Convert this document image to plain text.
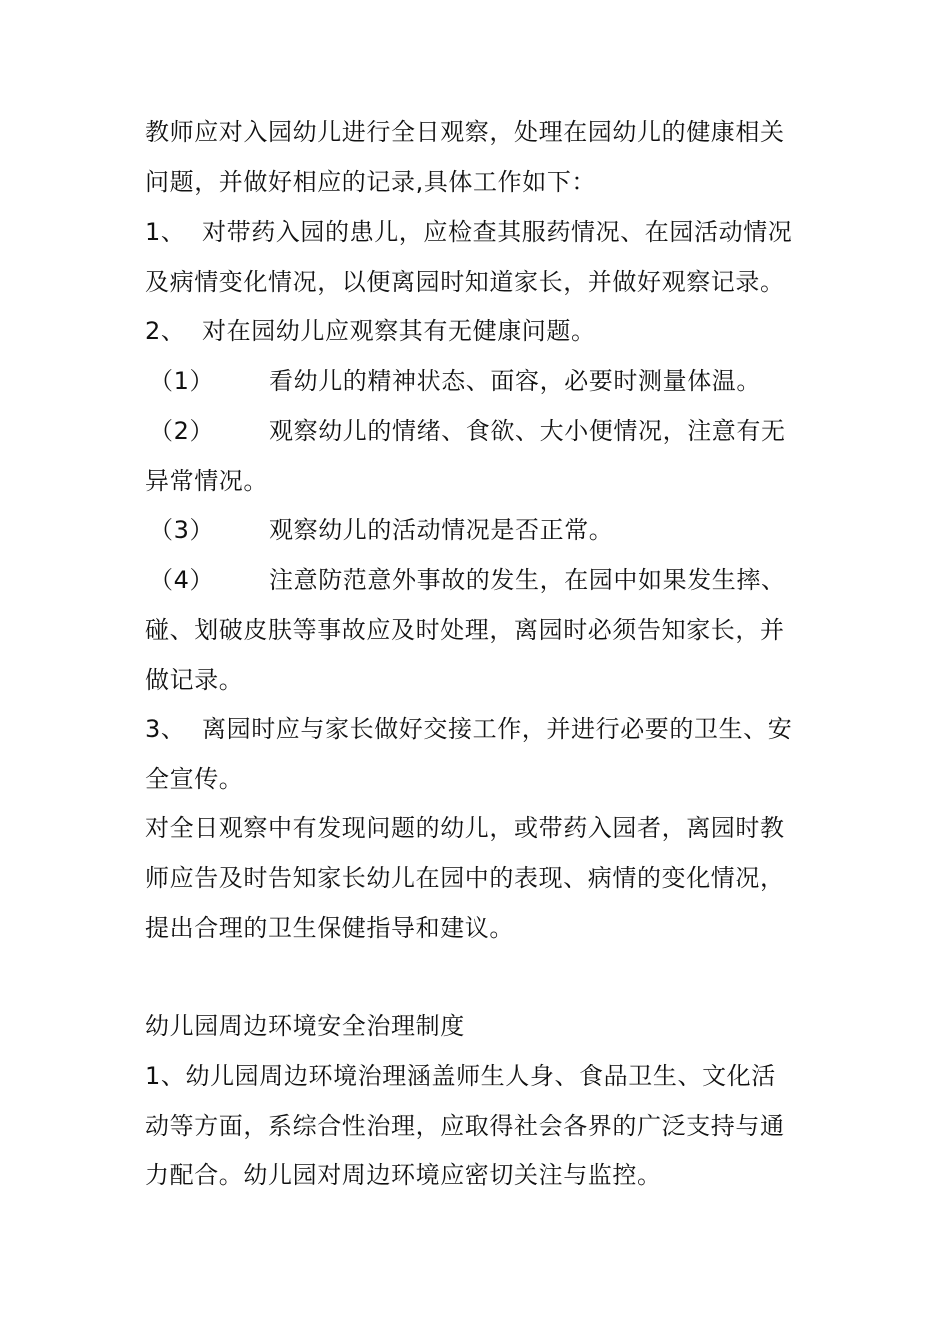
教师应对入园幼儿进行全日观察，处理在园幼儿的健康相关
问题，并做好相应的记录,具体工作如下：
1、 对带药入园的患儿，应检查其服药情况、在园活动情况
及病情变化情况，以便离园时知道家长，并做好观察记录。
2、 对在园幼儿应观察其有无健康问题。
（1） 看幼儿的精神状态、面容，必要时测量体温。
（2） 观察幼儿的情绪、食欲、大小便情况，注意有无
异常情况。
（3） 观察幼儿的活动情况是否正常。
（4） 注意防范意外事故的发生，在园中如果发生摔、
碰、划破皮肤等事故应及时处理，离园时必须告知家长，并
做记录。
3、 离园时应与家长做好交接工作，并进行必要的卫生、安
全宣传。
对全日观察中有发现问题的幼儿，或带药入园者，离园时教
师应告及时告知家长幼儿在园中的表现、病情的变化情况，
提出合理的卫生保健指导和建议。
幼儿园周边环境安全治理制度
1、幼儿园周边环境治理涵盖师生人身、食品卫生、文化活
动等方面，系综合性治理，应取得社会各界的广泛支持与通
力配合。幼儿园对周边环境应密切关注与监控。
